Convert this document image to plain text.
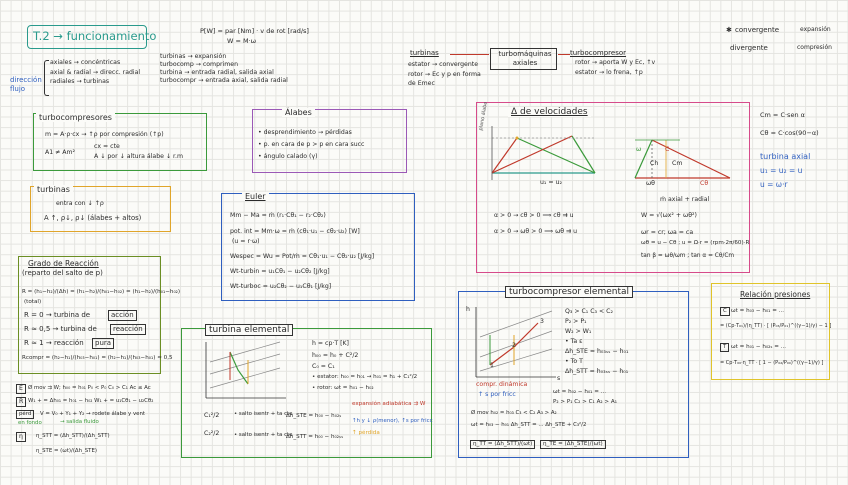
T.2 → funcionamiento	P[W] = par [Nm] · v de rot [rad/s]
W = M·ω
dirección flujo
axiales → concéntricas
axial & radial → direcc. radial
radiales → turbinas
turbinas → expansión
turbocomp → comprimen
turbina → entrada radial, salida axial
turbocompr → entrada axial, salida radial
turbomáquinas axiales
turbinas
estator → convergente
rotor → Ec y p en forma de Emec
turbocompresor
rotor → aporta W y Ec, ↑v
estator → lo frena, ↑p
✱ convergente	expansión
divergente	compresión
turbocompresores
m = A·ρ·cx → ↑ρ por compresión (↑p)
A1 ≠ Am²
cx = cte
A ↓ por ↓ altura álabe ↓ r.m
turbinas
entra con ↓ ↑ρ
A ↑, ρ↓, ρ↓ (álabes + altos)
Álabes
• desprendimiento → pérdidas
• p. en cara de p > p en cara succ
• ángulo calado (γ)
Euler
Mm − Ma = ṁ (r₁·Cθ₁ − r₂·Cθ₂)
pot. int = Mm·ω = ṁ (cθ₁·u₁ − cθ₂·u₂) [W]
(u = r·ω)
Wespec = Wu = Pot/ṁ = Cθ₁·u₁ − Cθ₂·u₂ [J/kg]
Wt-turbin = u₁Cθ₁ − u₂Cθ₂ [J/kg]
Wt-turboc = u₂Cθ₂ − u₁Cθ₁ [J/kg]
Grado de Reacción
(reparto del salto de p)
R = (h₁−h₂)/(Δh) = (h₁−h₂)/(h₀₁−h₀₂) = (h₁−h₂)/(h₀₁−h₀₂)
(total)
R = 0 → turbina de	acción
R ≈ 0,5 → turbina de	reacción
R ≈ 1 → reacción	pura
Rcompr = (h₂−h₁)/(h₀₃−h₀₁) = (h₂−h₁)/(h₀₃−h₀₁) ≈ 0,5
Δ de velocidades
plano álabe
u₁ = u₂
ω
ωθ	Cθ
C
Ch Cm
ṁ axial + radial
α > 0 → cθ > 0 ⟹ cθ ⇉ u
α > 0 → ωθ > 0 ⟹ ωθ ⇉ u
W = √(ωx² + ωθ²)
ωr = cr; ωa = ca
ωθ = u − Cθ ; u = Ω·r = (rpm·2π/60)·R
tan β = ωθ/ωm ; tan α = Cθ/Cm
Cm = C·sen α
Cθ = C·cos(90−α)
turbina axial
u₁ = u₂ = u
u = ω·r
turbina elemental
h = cp·T [K]
h₀₀ = h₀ + C²/2
C₀ = C₁
• estator: h₀₀ = h₀₁ → h₀₁ = h₁ + C₁²/2
• rotor: ωt = h₀₁ − h₀₂
C₁²/2
C₂²/2
• salto isentr + ta cte
• salto isentr + ta cte
Δh_STE = h₀₀ − h₀₂ₛ
Δh_STT = h₀₀ − h₀₂ₛₛ
expansión adiabática ⇉ W
↑h y ↓ ρ(menor), ↑s por fricc
↑ pérdida
E Ø mov ⇉ W; h₀₀ = h₀₁ P₀ < P₀ C₀ > C₁ Ac ≤ Ac
R W₁ + = Δh₀₁ = h₀₁ − h₀₂ W₁ + = u₁Cθ₁ − u₂Cθ₂
pérd	V = V₀ + Y₁ + Y₂ → rodete álabe y vent
→ salida fluido
en fondo
η	η_STT = (Δh_STT)/(Δh_STT)
η_STE = (ωt)/(Δh_STE)
turbocompresor elemental
h
s
1
2
3
Q₃ > C₁ C₃ < C₂
P₂ > P₁
W₂ > W₁
• Ta ε
Δh_STE = h₀₃ₛₛ − h₀₁
• To T
Δh_STT = h₀₃ₛₛ − h₀₁
compr. dinámica
↑ s por fricc	ωt = h₀₂ − h₀₁ = ...
P₂ > P₁ C₂ > C₁ A₂ > A₁
Ø mov h₀₂ = h₀₃ C₃ < C₂ A₃ > A₂
ωt = h₀₃ − h₀₁ Δh_STT = ... Δh_STE + C₃²/2
η_TT = (Δh_STT)/(ωt)	η_TE = (Δh_STE)/(ωt)
Relación presiones
C ωt = h₀₃ − h₀₁ = ...
= (Cp·T₀₁)/(η_TT) · [ (P₀₃/P₀₁)^((γ−1)/γ) − 1 ]
T ωt = h₀₁ − h₀₂ₛ = ...
= Cp·T₀₀·η_TT · [ 1 − (P₀₂/P₀₀)^((γ−1)/γ) ]
